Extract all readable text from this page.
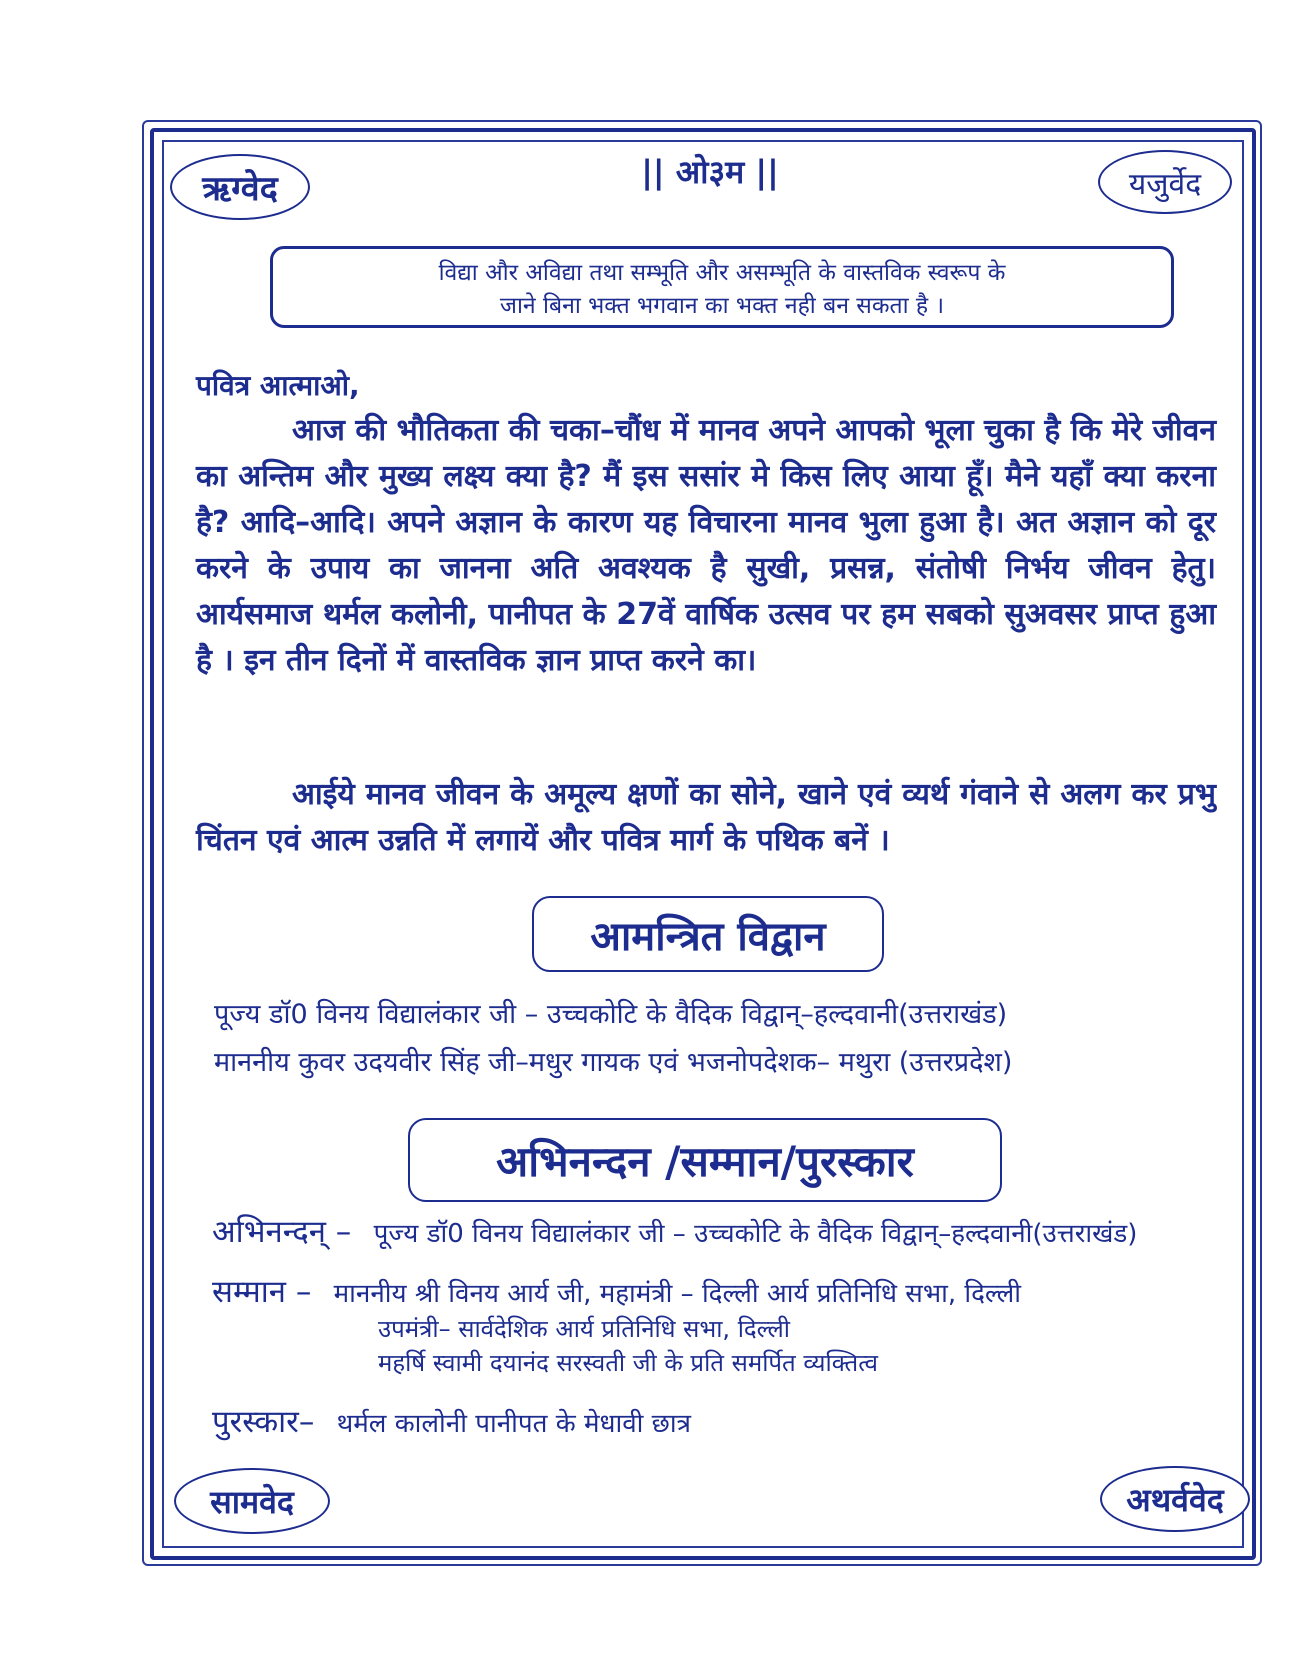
ऋग्वेद	यजुर्वेद
सामवेद	अथर्ववेद
|| ओ३म ||
विद्या और अविद्या तथा सम्भूति और असम्भूति के वास्तविक स्वरूप के
जाने बिना भक्त भगवान का भक्त नही बन सकता है ।
पवित्र आत्माओ,
आज की भौतिकता की चका–चौंध में मानव अपने आपको भूला चुका है कि मेरे जीवन का अन्तिम और मुख्य लक्ष्य क्या है? मैं इस ससांर मे किस लिए आया हूँ। मैने यहाँ क्या करना है? आदि–आदि। अपने अज्ञान के कारण यह विचारना मानव भुला हुआ है। अत अज्ञान को दूर करने के उपाय का जानना अति अवश्यक है सुखी, प्रसन्न, संतोषी निर्भय जीवन हेतु। आर्यसमाज थर्मल कलोनी, पानीपत के 27वें वार्षिक उत्सव पर हम सबको सुअवसर प्राप्त हुआ है । इन तीन दिनों में वास्तविक ज्ञान प्राप्त करने का।
आईये मानव जीवन के अमूल्य क्षणों का सोने, खाने एवं व्यर्थ गंवाने से अलग कर प्रभु चिंतन एवं आत्म उन्नति में लगायें और पवित्र मार्ग के पथिक बनें ।
आमन्त्रित विद्वान
पूज्य डॉ0 विनय विद्यालंकार जी – उच्चकोटि के वैदिक विद्वान्–हल्दवानी(उत्तराखंड)
माननीय कुवर उदयवीर सिंह जी–मधुर गायक एवं भजनोपदेशक– मथुरा (उत्तरप्रदेश)
अभिनन्दन /सम्मान/पुरस्कार
अभिनन्दन् – पूज्य डॉ0 विनय विद्यालंकार जी – उच्चकोटि के वैदिक विद्वान्–हल्दवानी(उत्तराखंड)
सम्मान – माननीय श्री विनय आर्य जी, महामंत्री – दिल्ली आर्य प्रतिनिधि सभा, दिल्ली
उपमंत्री– सार्वदेशिक आर्य प्रतिनिधि सभा, दिल्ली
महर्षि स्वामी दयानंद सरस्वती जी के प्रति समर्पित व्यक्तित्व
पुरस्कार– थर्मल कालोनी पानीपत के मेधावी छात्र
